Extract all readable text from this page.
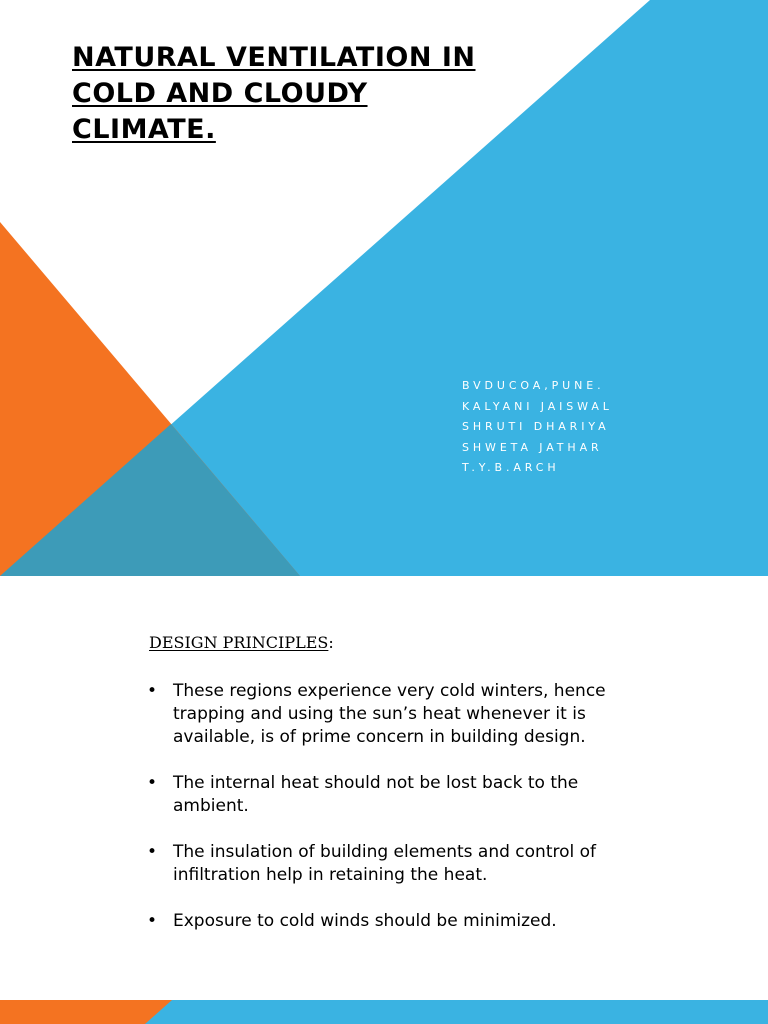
NATURAL VENTILATION IN
COLD AND CLOUDY
CLIMATE.
BVDUCOA,PUNE.
KALYANI JAISWAL
SHRUTI DHARIYA
SHWETA JATHAR
T.Y.B.ARCH
DESIGN PRINCIPLES:
• These regions experience very cold winters, hence trapping and using the sun’s heat whenever it is available, is of prime concern in building design.
• The internal heat should not be lost back to the ambient.
• The insulation of building elements and control of infiltration help in retaining the heat.
• Exposure to cold winds should be minimized.
